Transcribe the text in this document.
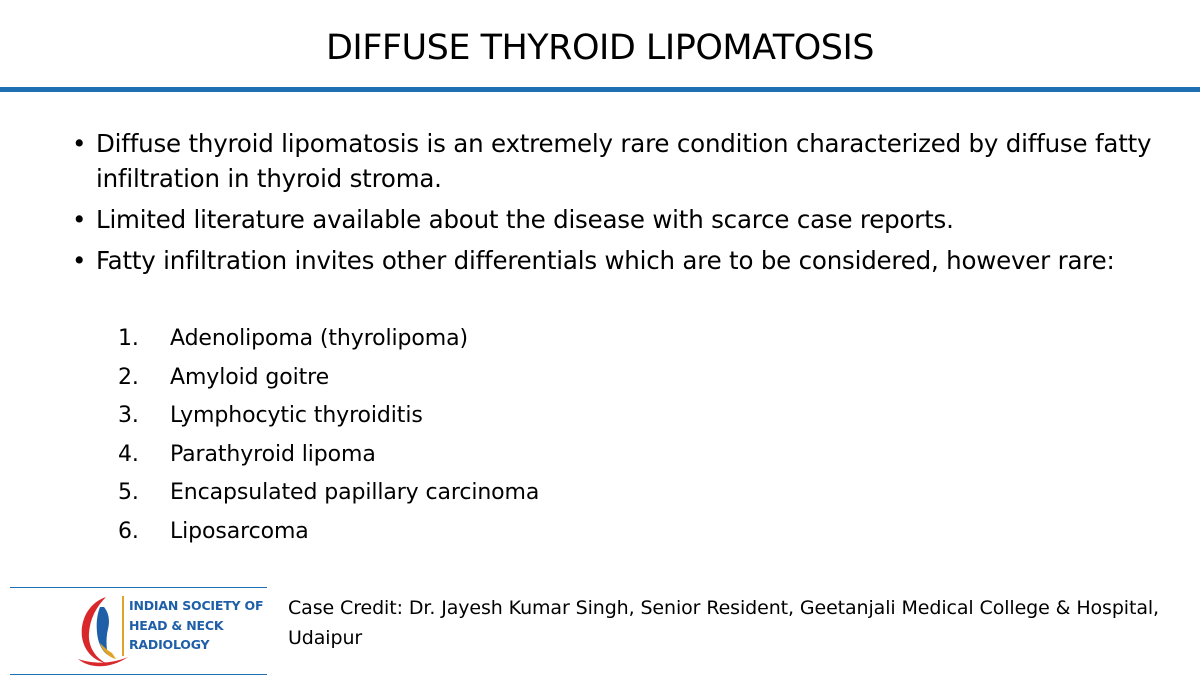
DIFFUSE THYROID LIPOMATOSIS
• Diffuse thyroid lipomatosis is an extremely rare condition characterized by diffuse fatty infiltration in thyroid stroma.
• Limited literature available about the disease with scarce case reports.
• Fatty infiltration invites other differentials which are to be considered, however rare:
1. Adenolipoma (thyrolipoma)
2. Amyloid goitre
3. Lymphocytic thyroiditis
4. Parathyroid lipoma
5. Encapsulated papillary carcinoma
6. Liposarcoma
INDIAN SOCIETY OF
HEAD & NECK
RADIOLOGY
Case Credit: Dr. Jayesh Kumar Singh, Senior Resident, Geetanjali Medical College & Hospital, Udaipur
